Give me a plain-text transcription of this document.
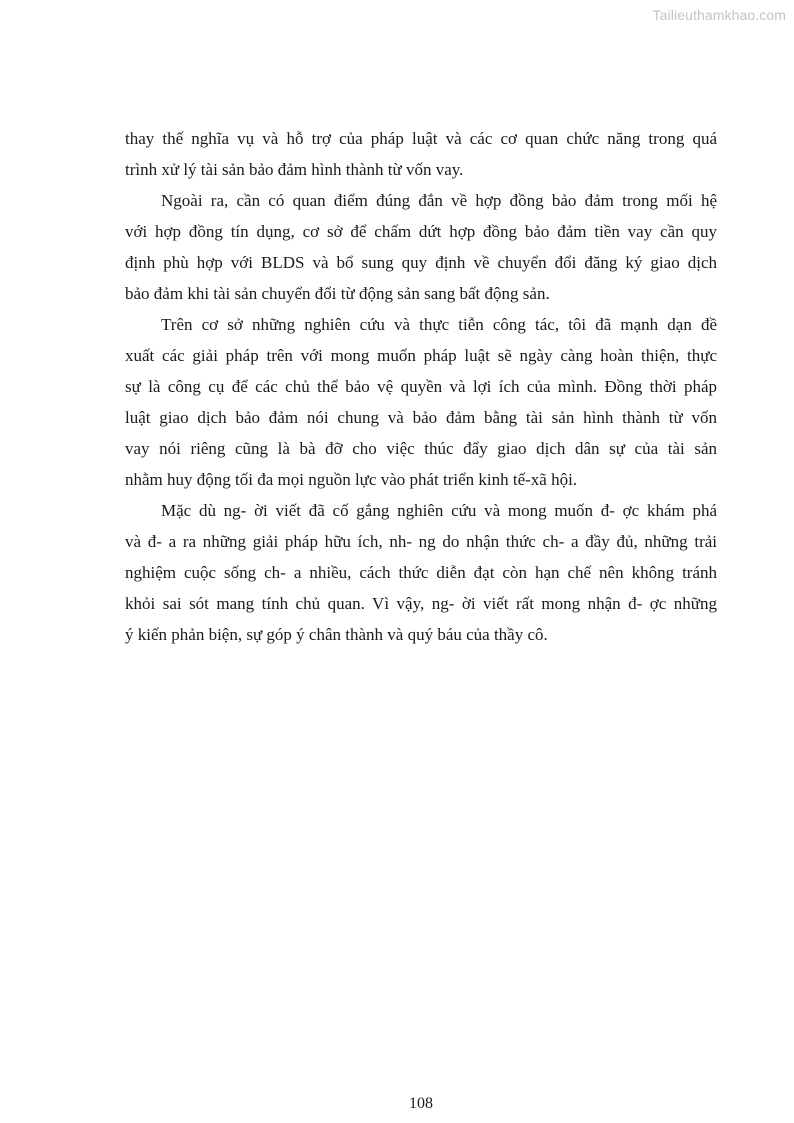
Tailieuthamkhao.com
thay thế nghĩa vụ và hỗ trợ của pháp luật và các cơ quan chức năng trong quá
trình xử lý tài sản bảo đảm hình thành từ vốn vay.
Ngoài ra, cần có quan điểm đúng đắn về hợp đồng bảo đảm trong mối hệ
với hợp đồng tín dụng, cơ sở để chấm dứt hợp đồng bảo đảm tiền vay cần quy
định phù hợp với BLDS và bổ sung quy định về chuyển đổi đăng ký giao dịch
bảo đảm khi tài sản chuyển đổi từ động sản sang bất động sản.
Trên cơ sở những nghiên cứu và thực tiễn công tác, tôi đã mạnh dạn đề
xuất các giải pháp trên với mong muốn pháp luật sẽ ngày càng hoàn thiện, thực
sự là công cụ để các chủ thể bảo vệ quyền và lợi ích của mình. Đồng thời pháp
luật giao dịch bảo đảm nói chung và bảo đảm bằng tài sản hình thành từ vốn
vay nói riêng cũng là bà đỡ cho việc thúc đẩy giao dịch dân sự của tài sản
nhằm huy động tối đa mọi nguồn lực vào phát triển kinh tế-xã hội.
Mặc dù ng- ời viết đã cố gắng nghiên cứu và mong muốn đ- ợc khám phá
và đ- a ra những giải pháp hữu ích, nh- ng do nhận thức ch- a đầy đủ, những trải
nghiệm cuộc sống ch- a nhiều, cách thức diễn đạt còn hạn chế nên không tránh
khỏi sai sót mang tính chủ quan. Vì vậy, ng- ời viết rất mong nhận đ- ợc những
ý kiến phản biện, sự góp ý chân thành và quý báu của thầy cô.
108
